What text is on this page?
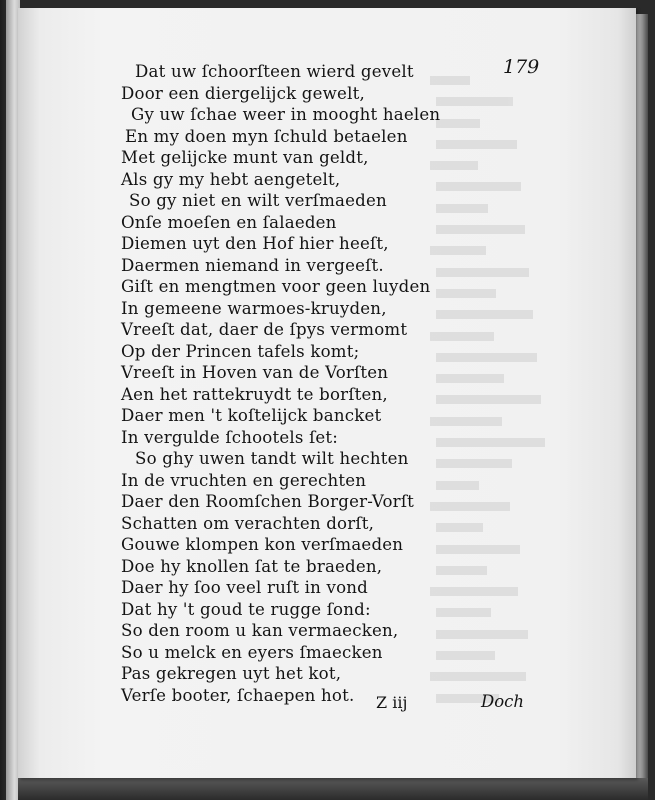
179
Dat uw ſchoorſteen wierd gevelt
Door een diergelijck gewelt,
Gy uw ſchae weer in mooght haelen
En my doen myn ſchuld betaelen
Met gelijcke munt van geldt,
Als gy my hebt aengetelt,
So gy niet en wilt verſmaeden
Onſe moeſen en ſalaeden
Diemen uyt den Hof hier heeſt,
Daermen niemand in vergeeſt.
Giſt en mengtmen voor geen luyden
In gemeene warmoes-kruyden,
Vreeſt dat, daer de ſpys vermomt
Op der Princen tafels komt;
Vreeſt in Hoven van de Vorſten
Aen het rattekruydt te borſten,
Daer men 't koſtelijck bancket
In vergulde ſchootels ſet:
So ghy uwen tandt wilt hechten
In de vruchten en gerechten
Daer den Roomſchen Borger-Vorſt
Schatten om verachten dorſt,
Gouwe klompen kon verſmaeden
Doe hy knollen ſat te braeden,
Daer hy ſoo veel ruſt in vond
Dat hy 't goud te rugge ſond:
So den room u kan vermaecken,
So u melck en eyers ſmaecken
Pas gekregen uyt het kot,
Verſe booter, ſchaepen hot.	Z iij	Doch
